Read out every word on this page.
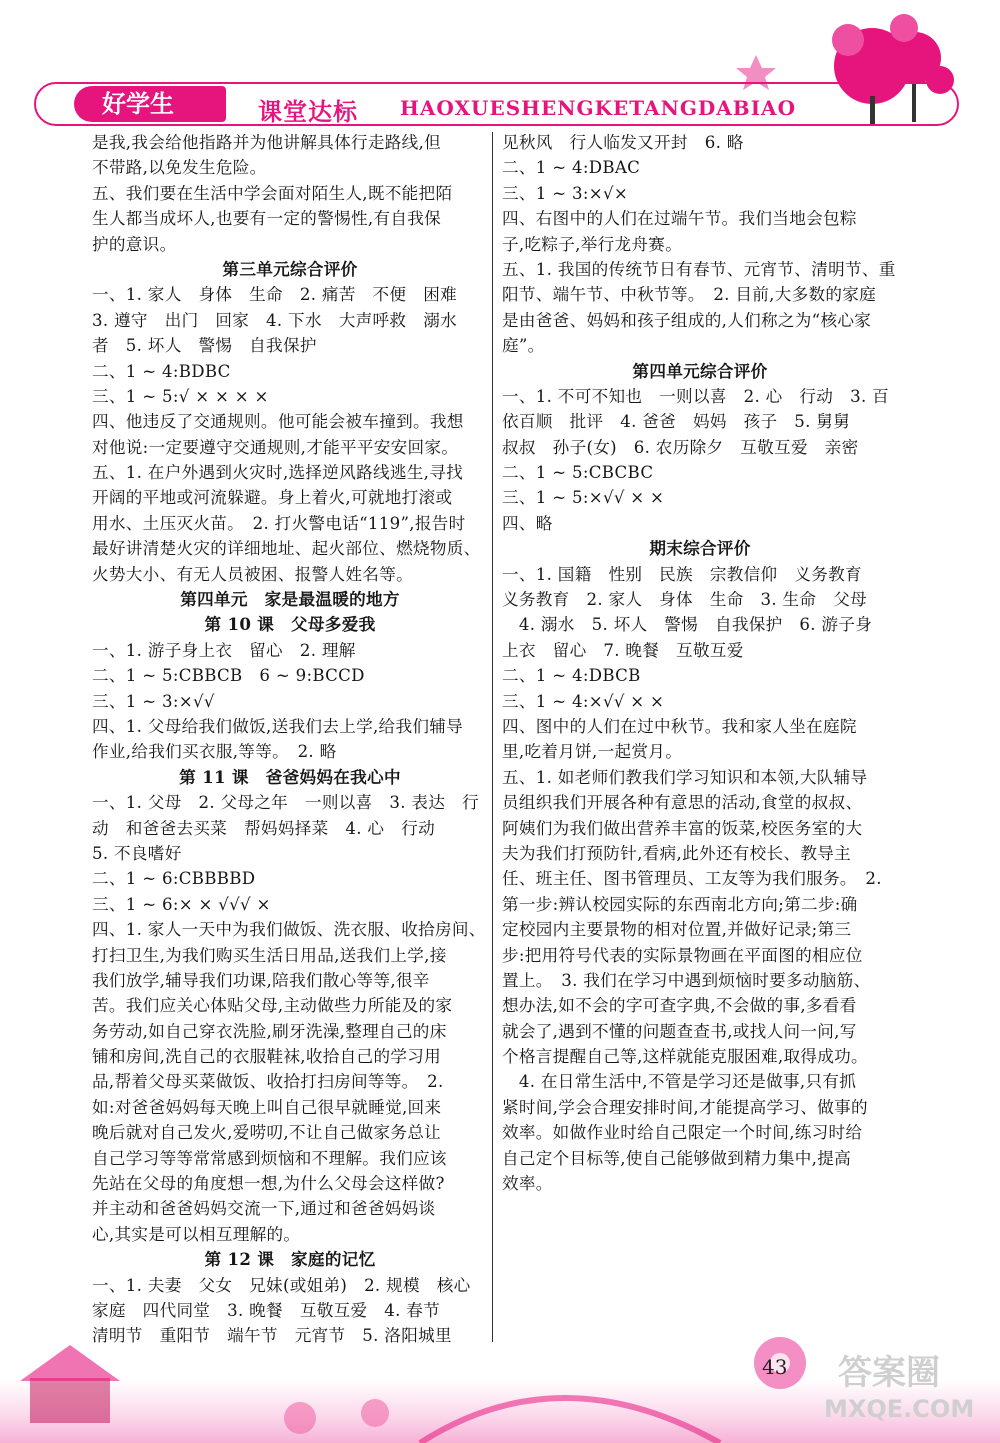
好学生	课堂达标 HAOXUESHENGKETANGDABIAO
是我,我会给他指路并为他讲解具体行走路线,但
不带路,以免发生危险。
五、我们要在生活中学会面对陌生人,既不能把陌
生人都当成坏人,也要有一定的警惕性,有自我保
护的意识。
第三单元综合评价
一、1. 家人　身体　生命　2. 痛苦　不便　困难
3. 遵守　出门　回家　4. 下水　大声呼救　溺水
者　5. 坏人　警惕　自我保护
二、1 ~ 4:BDBC
三、1 ~ 5:√ × × × ×
四、他违反了交通规则。他可能会被车撞到。我想
对他说:一定要遵守交通规则,才能平平安安回家。
五、1. 在户外遇到火灾时,选择逆风路线逃生,寻找
开阔的平地或河流躲避。身上着火,可就地打滚或
用水、土压灭火苗。　2. 打火警电话“119”,报告时
最好讲清楚火灾的详细地址、起火部位、燃烧物质、
火势大小、有无人员被困、报警人姓名等。
第四单元　家是最温暖的地方
第 10 课　父母多爱我
一、1. 游子身上衣　留心　2. 理解
二、1 ~ 5:CBBCB　6 ~ 9:BCCD
三、1 ~ 3:×√√
四、1. 父母给我们做饭,送我们去上学,给我们辅导
作业,给我们买衣服,等等。　2. 略
第 11 课　爸爸妈妈在我心中
一、1. 父母　2. 父母之年　一则以喜　3. 表达　行
动　和爸爸去买菜　帮妈妈择菜　4. 心　行动
5. 不良嗜好
二、1 ~ 6:CBBBBD
三、1 ~ 6:× × √√√ ×
四、1. 家人一天中为我们做饭、洗衣服、收拾房间、
打扫卫生,为我们购买生活日用品,送我们上学,接
我们放学,辅导我们功课,陪我们散心等等,很辛
苦。我们应关心体贴父母,主动做些力所能及的家
务劳动,如自己穿衣洗脸,刷牙洗澡,整理自己的床
铺和房间,洗自己的衣服鞋袜,收拾自己的学习用
品,帮着父母买菜做饭、收拾打扫房间等等。　2.
如:对爸爸妈妈每天晚上叫自己很早就睡觉,回来
晚后就对自己发火,爱唠叨,不让自己做家务总让
自己学习等等常常感到烦恼和不理解。我们应该
先站在父母的角度想一想,为什么父母会这样做?
并主动和爸爸妈妈交流一下,通过和爸爸妈妈谈
心,其实是可以相互理解的。
第 12 课　家庭的记忆
一、1. 夫妻　父女　兄妹(或姐弟)　2. 规模　核心
家庭　四代同堂　3. 晚餐　互敬互爱　4. 春节
清明节　重阳节　端午节　元宵节　5. 洛阳城里
见秋风　行人临发又开封　6. 略
二、1 ~ 4:DBAC
三、1 ~ 3:×√×
四、右图中的人们在过端午节。我们当地会包粽
子,吃粽子,举行龙舟赛。
五、1. 我国的传统节日有春节、元宵节、清明节、重
阳节、端午节、中秋节等。　2. 目前,大多数的家庭
是由爸爸、妈妈和孩子组成的,人们称之为“核心家
庭”。
第四单元综合评价
一、1. 不可不知也　一则以喜　2. 心　行动　3. 百
依百顺　批评　4. 爸爸　妈妈　孩子　5. 舅舅
叔叔　孙子(女)　6. 农历除夕　互敬互爱　亲密
二、1 ~ 5:CBCBC
三、1 ~ 5:×√√ × ×
四、略
期末综合评价
一、1. 国籍　性别　民族　宗教信仰　义务教育
义务教育　2. 家人　身体　生命　3. 生命　父母
　4. 溺水　5. 坏人　警惕　自我保护　6. 游子身
上衣　留心　7. 晚餐　互敬互爱
二、1 ~ 4:DBCB
三、1 ~ 4:×√√ × ×
四、图中的人们在过中秋节。我和家人坐在庭院
里,吃着月饼,一起赏月。
五、1. 如老师们教我们学习知识和本领,大队辅导
员组织我们开展各种有意思的活动,食堂的叔叔、
阿姨们为我们做出营养丰富的饭菜,校医务室的大
夫为我们打预防针,看病,此外还有校长、教导主
任、班主任、图书管理员、工友等为我们服务。　2.
第一步:辨认校园实际的东西南北方向;第二步:确
定校园内主要景物的相对位置,并做好记录;第三
步:把用符号代表的实际景物画在平面图的相应位
置上。　3. 我们在学习中遇到烦恼时要多动脑筋、
想办法,如不会的字可查字典,不会做的事,多看看
就会了,遇到不懂的问题查查书,或找人问一问,写
个格言提醒自己等,这样就能克服困难,取得成功。
　4. 在日常生活中,不管是学习还是做事,只有抓
紧时间,学会合理安排时间,才能提高学习、做事的
效率。如做作业时给自己限定一个时间,练习时给
自己定个目标等,使自己能够做到精力集中,提高
效率。
43 答案圈
MXQE.COM
